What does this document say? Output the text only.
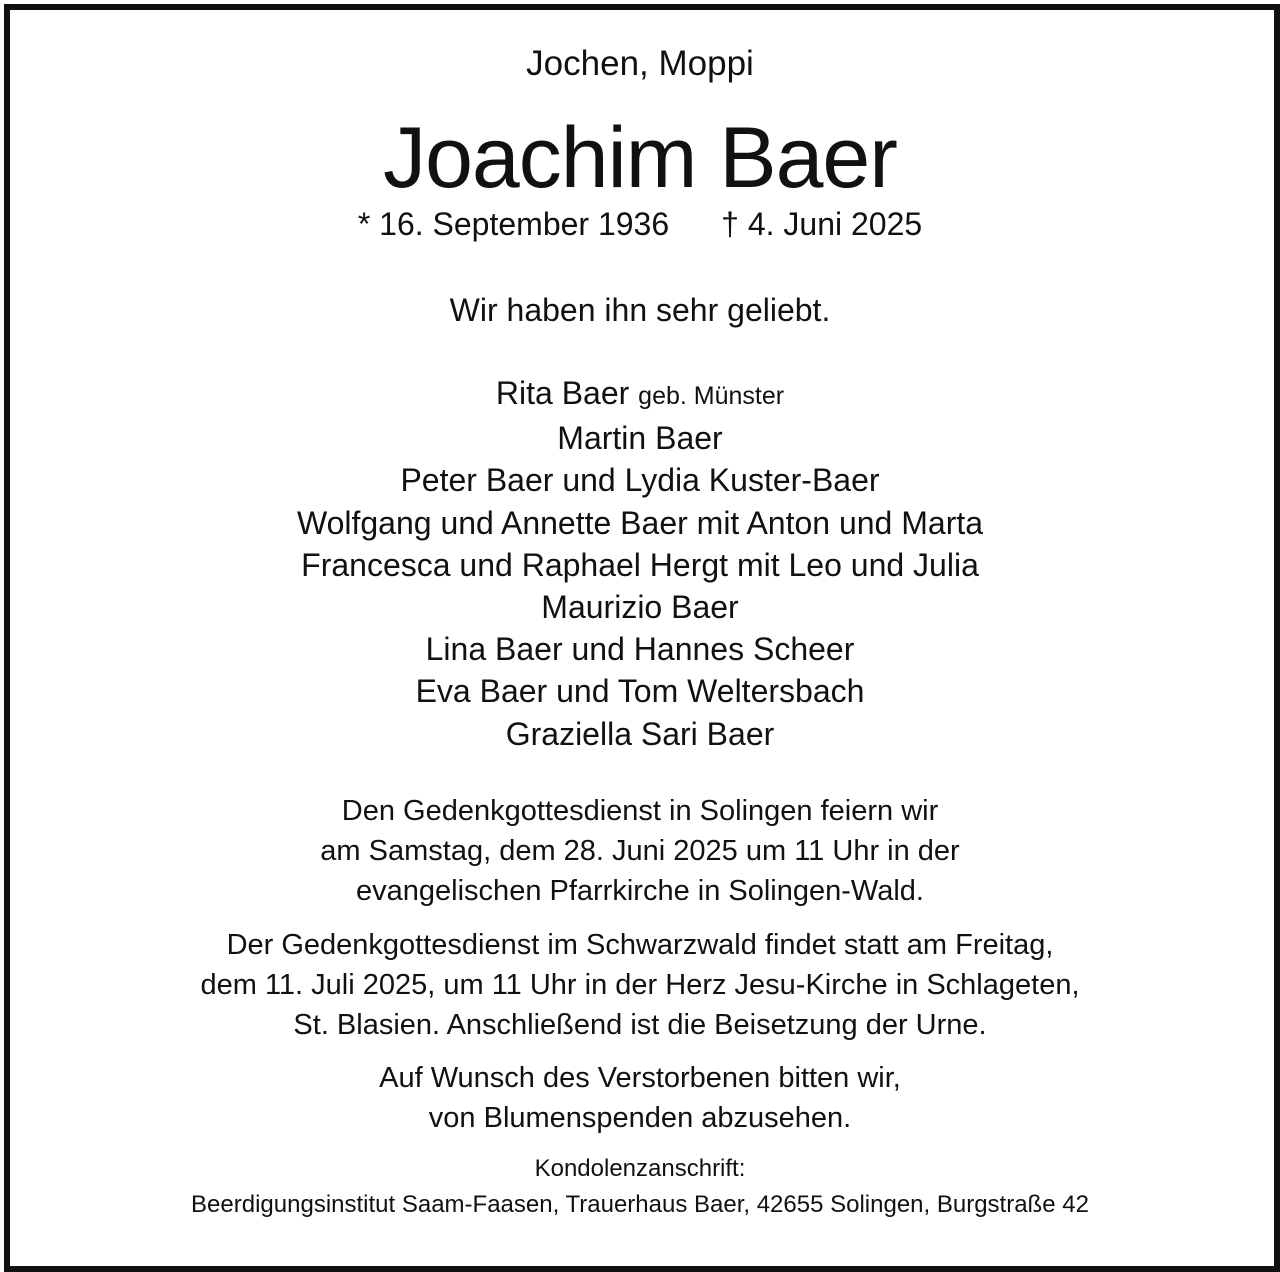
Jochen, Moppi
Joachim Baer
* 16. September 1936 † 4. Juni 2025
Wir haben ihn sehr geliebt.
Rita Baer geb. Münster
Martin Baer
Peter Baer und Lydia Kuster-Baer
Wolfgang und Annette Baer mit Anton und Marta
Francesca und Raphael Hergt mit Leo und Julia
Maurizio Baer
Lina Baer und Hannes Scheer
Eva Baer und Tom Weltersbach
Graziella Sari Baer
Den Gedenkgottesdienst in Solingen feiern wir
am Samstag, dem 28. Juni 2025 um 11 Uhr in der
evangelischen Pfarrkirche in Solingen-Wald.
Der Gedenkgottesdienst im Schwarzwald findet statt am Freitag,
dem 11. Juli 2025, um 11 Uhr in der Herz Jesu-Kirche in Schlageten,
St. Blasien. Anschließend ist die Beisetzung der Urne.
Auf Wunsch des Verstorbenen bitten wir,
von Blumenspenden abzusehen.
Kondolenzanschrift:
Beerdigungsinstitut Saam-Faasen, Trauerhaus Baer, 42655 Solingen, Burgstraße 42
